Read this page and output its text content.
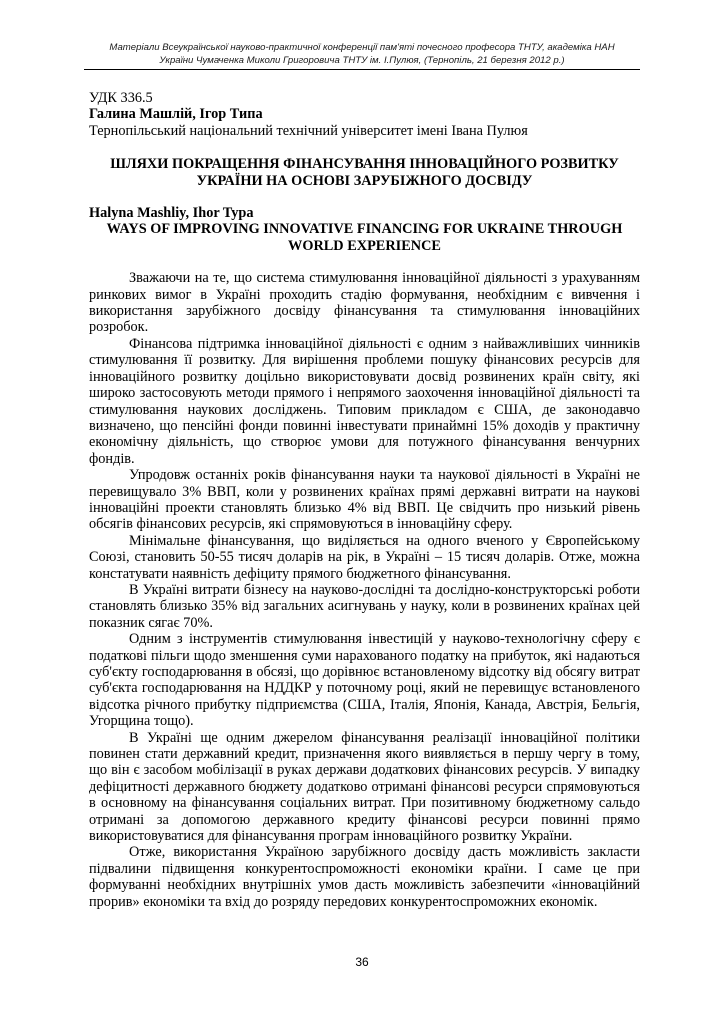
Матеріали Всеукраїнської науково-практичної конференції пам'яті почесного професора ТНТУ, академіка НАН
України Чумаченка Миколи Григоровича ТНТУ ім. І.Пулюя, (Тернопіль, 21 березня 2012 р.)

УДК 336.5

Галина Машлій, Ігор Типа

Тернопільський національний технічний університет імені Івана Пулюя

ШЛЯХИ ПОКРАЩЕННЯ ФІНАНСУВАННЯ ІННОВАЦІЙНОГО РОЗВИТКУ УКРАЇНИ НА ОСНОВІ ЗАРУБІЖНОГО ДОСВІДУ

Halyna Mashliy, Ihor Typa

WAYS OF IMPROVING INNOVATIVE FINANCING FOR UKRAINE THROUGH WORLD EXPERIENCE

Зважаючи на те, що система стимулювання інноваційної діяльності з урахуванням ринкових вимог в Україні проходить стадію формування, необхідним є вивчення і використання зарубіжного досвіду фінансування та стимулювання інноваційних розробок.

Фінансова підтримка інноваційної діяльності є одним з найважливіших чинників стимулювання її розвитку. Для вирішення проблеми пошуку фінансових ресурсів для інноваційного розвитку доцільно використовувати досвід розвинених країн світу, які широко застосовують методи прямого і непрямого заохочення інноваційної діяльності та стимулювання наукових досліджень. Типовим прикладом є США, де законодавчо визначено, що пенсійні фонди повинні інвестувати принаймні 15% доходів у практичну економічну діяльність, що створює умови для потужного фінансування венчурних фондів.

Упродовж останніх років фінансування науки та наукової діяльності в Україні не перевищувало 3% ВВП, коли у розвинених країнах прямі державні витрати на наукові інноваційні проекти становлять близько 4% від ВВП. Це свідчить про низький рівень обсягів фінансових ресурсів, які спрямовуються в інноваційну сферу.

Мінімальне фінансування, що виділяється на одного вченого у Європейському Союзі, становить 50-55 тисяч доларів на рік, в Україні – 15 тисяч доларів. Отже, можна констатувати наявність дефіциту прямого бюджетного фінансування.

В Україні витрати бізнесу на науково-дослідні та дослідно-конструкторські роботи становлять близько 35% від загальних асигнувань у науку, коли в розвинених країнах цей показник сягає 70%.

Одним з інструментів стимулювання інвестицій у науково-технологічну сферу є податкові пільги щодо зменшення суми нарахованого податку на прибуток, які надаються суб'єкту господарювання в обсязі, що дорівнює встановленому відсотку від обсягу витрат суб'єкта господарювання на НДДКР у поточному році, який не перевищує встановленого відсотка річного прибутку підприємства (США, Італія, Японія, Канада, Австрія, Бельгія, Угорщина тощо).

В Україні ще одним джерелом фінансування реалізації інноваційної політики повинен стати державний кредит, призначення якого виявляється в першу чергу в тому, що він є засобом мобілізації в руках держави додаткових фінансових ресурсів. У випадку дефіцитності державного бюджету додатково отримані фінансові ресурси спрямовуються в основному на фінансування соціальних витрат. При позитивному бюджетному сальдо отримані за допомогою державного кредиту фінансові ресурси повинні прямо використовуватися для фінансування програм інноваційного розвитку України.

Отже, використання Україною зарубіжного досвіду дасть можливість закласти підвалини підвищення конкурентоспроможності економіки країни. І саме це при формуванні необхідних внутрішніх умов дасть можливість забезпечити «інноваційний прорив» економіки та вхід до розряду передових конкурентоспроможних економік.

36
